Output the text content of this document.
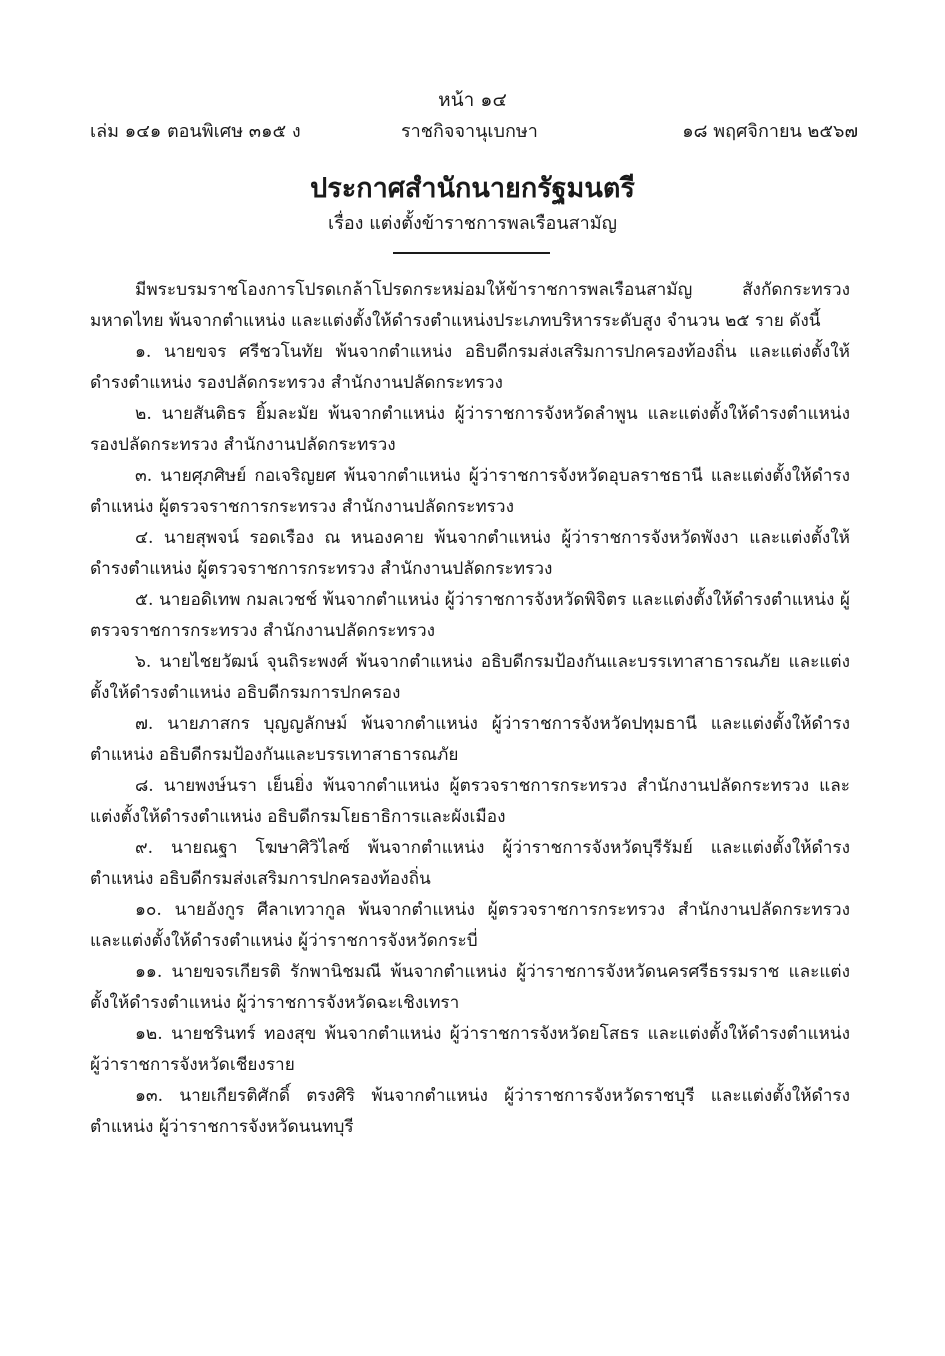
หน้า ๑๔
เล่ม ๑๔๑ ตอนพิเศษ ๓๑๕ ง	ราชกิจจานุเบกษา	๑๘ พฤศจิกายน ๒๕๖๗
ประกาศสำนักนายกรัฐมนตรี
เรื่อง แต่งตั้งข้าราชการพลเรือนสามัญ

มีพระบรมราชโองการโปรดเกล้าโปรดกระหม่อมให้ข้าราชการพลเรือนสามัญ สังกัดกระทรวงมหาดไทย พ้นจากตำแหน่ง และแต่งตั้งให้ดำรงตำแหน่งประเภทบริหารระดับสูง จำนวน ๒๕ ราย ดังนี้

๑. นายขจร ศรีชวโนทัย พ้นจากตำแหน่ง อธิบดีกรมส่งเสริมการปกครองท้องถิ่น และแต่งตั้งให้ดำรงตำแหน่ง รองปลัดกระทรวง สำนักงานปลัดกระทรวง

๒. นายสันติธร ยิ้มละมัย พ้นจากตำแหน่ง ผู้ว่าราชการจังหวัดลำพูน และแต่งตั้งให้ดำรงตำแหน่ง รองปลัดกระทรวง สำนักงานปลัดกระทรวง

๓. นายศุภศิษย์ กอเจริญยศ พ้นจากตำแหน่ง ผู้ว่าราชการจังหวัดอุบลราชธานี และแต่งตั้งให้ดำรงตำแหน่ง ผู้ตรวจราชการกระทรวง สำนักงานปลัดกระทรวง

๔. นายสุพจน์ รอดเรือง ณ หนองคาย พ้นจากตำแหน่ง ผู้ว่าราชการจังหวัดพังงา และแต่งตั้งให้ดำรงตำแหน่ง ผู้ตรวจราชการกระทรวง สำนักงานปลัดกระทรวง

๕. นายอดิเทพ กมลเวชช์ พ้นจากตำแหน่ง ผู้ว่าราชการจังหวัดพิจิตร และแต่งตั้งให้ดำรงตำแหน่ง ผู้ตรวจราชการกระทรวง สำนักงานปลัดกระทรวง

๖. นายไชยวัฒน์ จุนถิระพงศ์ พ้นจากตำแหน่ง อธิบดีกรมป้องกันและบรรเทาสาธารณภัย และแต่งตั้งให้ดำรงตำแหน่ง อธิบดีกรมการปกครอง

๗. นายภาสกร บุญญลักษม์ พ้นจากตำแหน่ง ผู้ว่าราชการจังหวัดปทุมธานี และแต่งตั้งให้ดำรงตำแหน่ง อธิบดีกรมป้องกันและบรรเทาสาธารณภัย

๘. นายพงษ์นรา เย็นยิ่ง พ้นจากตำแหน่ง ผู้ตรวจราชการกระทรวง สำนักงานปลัดกระทรวง และแต่งตั้งให้ดำรงตำแหน่ง อธิบดีกรมโยธาธิการและผังเมือง

๙. นายณฐา โฆษาศิวิไลซ์ พ้นจากตำแหน่ง ผู้ว่าราชการจังหวัดบุรีรัมย์ และแต่งตั้งให้ดำรงตำแหน่ง อธิบดีกรมส่งเสริมการปกครองท้องถิ่น

๑๐. นายอังกูร ศีลาเทวากูล พ้นจากตำแหน่ง ผู้ตรวจราชการกระทรวง สำนักงานปลัดกระทรวง และแต่งตั้งให้ดำรงตำแหน่ง ผู้ว่าราชการจังหวัดกระบี่

๑๑. นายขจรเกียรติ รักพานิชมณี พ้นจากตำแหน่ง ผู้ว่าราชการจังหวัดนครศรีธรรมราช และแต่งตั้งให้ดำรงตำแหน่ง ผู้ว่าราชการจังหวัดฉะเชิงเทรา

๑๒. นายชรินทร์ ทองสุข พ้นจากตำแหน่ง ผู้ว่าราชการจังหวัดยโสธร และแต่งตั้งให้ดำรงตำแหน่ง ผู้ว่าราชการจังหวัดเชียงราย

๑๓. นายเกียรติศักดิ์ ตรงศิริ พ้นจากตำแหน่ง ผู้ว่าราชการจังหวัดราชบุรี และแต่งตั้งให้ดำรงตำแหน่ง ผู้ว่าราชการจังหวัดนนทบุรี
